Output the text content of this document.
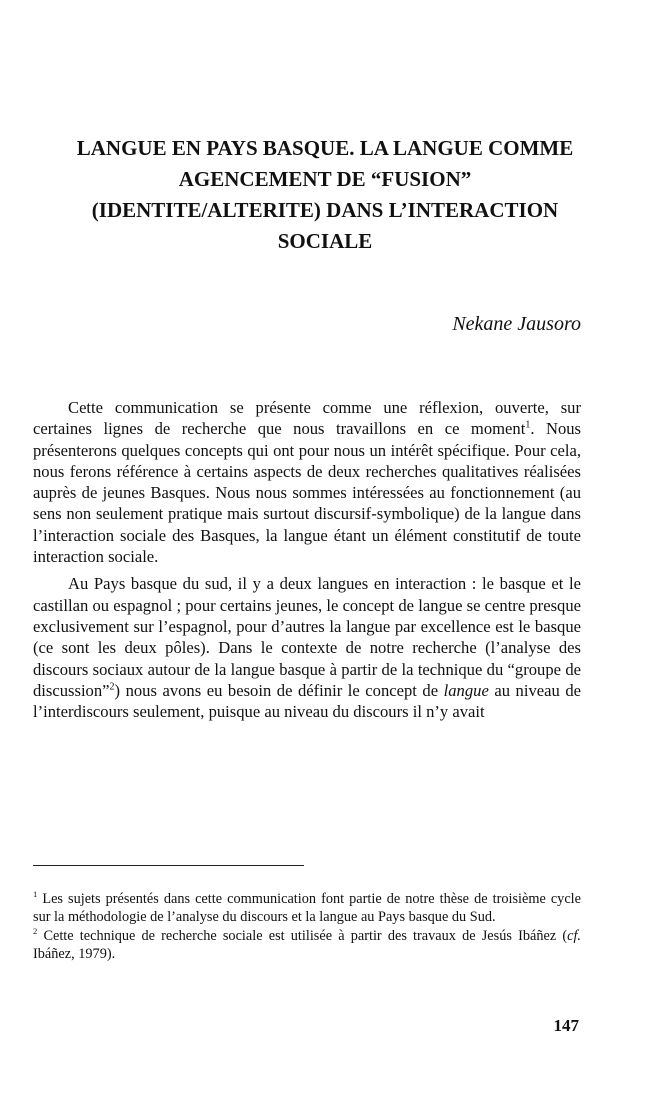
LANGUE EN PAYS BASQUE. LA LANGUE COMME
AGENCEMENT DE “FUSION”
(IDENTITE/ALTERITE) DANS L’INTERACTION
SOCIALE

Nekane Jausoro

Cette communication se présente comme une réflexion, ouverte, sur certaines lignes de recherche que nous travaillons en ce moment$^1$. Nous présenterons quelques concepts qui ont pour nous un intérêt spécifique. Pour cela, nous ferons référence à certains aspects de deux recherches qualitatives réalisées auprès de jeunes Basques. Nous nous sommes intéressées au fonctionnement (au sens non seulement pratique mais surtout discursif-symbolique) de la langue dans l’interaction sociale des Basques, la langue étant un élément constitutif de toute interaction sociale.

Au Pays basque du sud, il y a deux langues en interaction : le basque et le castillan ou espagnol ; pour certains jeunes, le concept de langue se centre presque exclusivement sur l’espagnol, pour d’autres la langue par excellence est le basque (ce sont les deux pôles). Dans le contexte de notre recherche (l’analyse des discours sociaux autour de la langue basque à partir de la technique du “groupe de discussion”$^2$) nous avons eu besoin de définir le concept de langue au niveau de l’interdiscours seulement, puisque au niveau du discours il n’y avait

$^1$ Les sujets présentés dans cette communication font partie de notre thèse de troisième cycle sur la méthodologie de l’analyse du discours et la langue au Pays basque du Sud.

$^2$ Cette technique de recherche sociale est utilisée à partir des travaux de Jesús Ibáñez (cf. Ibáñez, 1979).

147
